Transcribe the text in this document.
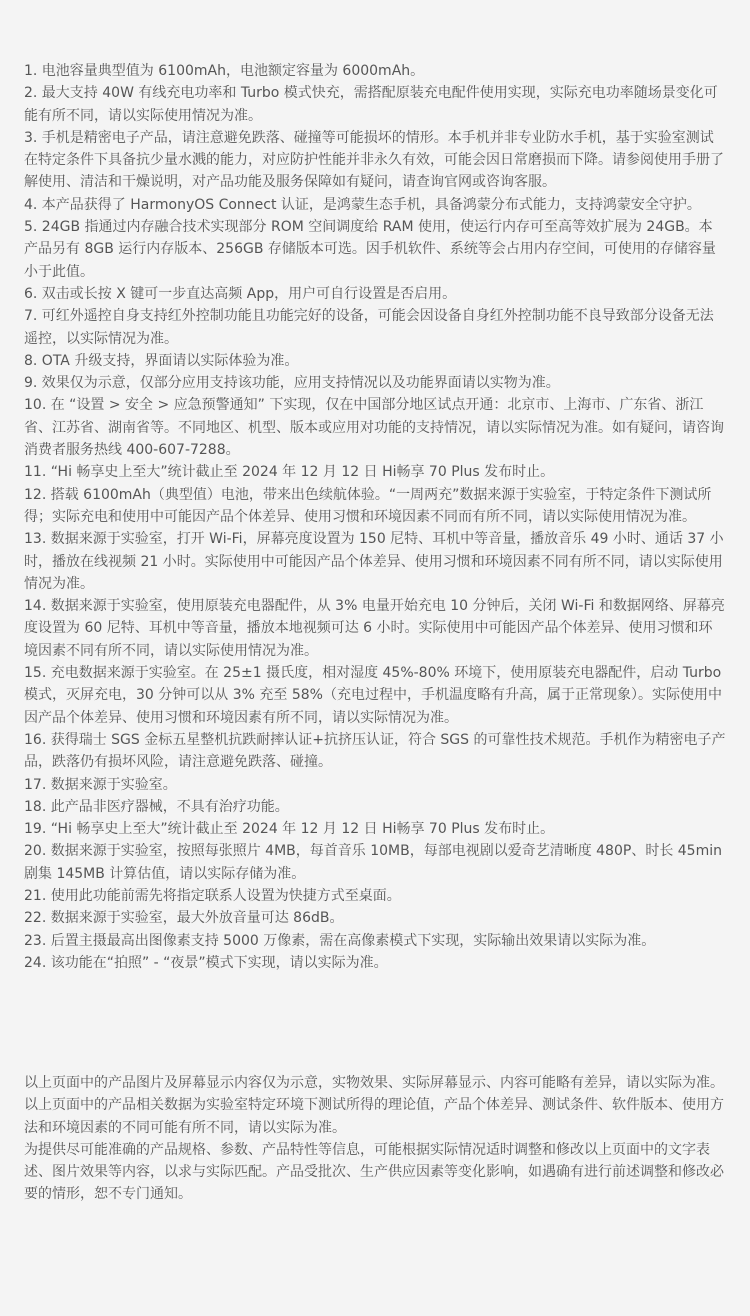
1. 电池容量典型值为 6100mAh，电池额定容量为 6000mAh。
2. 最大支持 40W 有线充电功率和 Turbo 模式快充，需搭配原装充电配件使用实现，实际充电功率随场景变化可能有所不同，请以实际使用情况为准。
3. 手机是精密电子产品，请注意避免跌落、碰撞等可能损坏的情形。本手机并非专业防水手机，基于实验室测试在特定条件下具备抗少量水溅的能力，对应防护性能并非永久有效，可能会因日常磨损而下降。请参阅使用手册了解使用、清洁和干燥说明，对产品功能及服务保障如有疑问，请查询官网或咨询客服。
4. 本产品获得了 HarmonyOS Connect 认证，是鸿蒙生态手机，具备鸿蒙分布式能力，支持鸿蒙安全守护。
5. 24GB 指通过内存融合技术实现部分 ROM 空间调度给 RAM 使用，使运行内存可至高等效扩展为 24GB。本产品另有 8GB 运行内存版本、256GB 存储版本可选。因手机软件、系统等会占用内存空间，可使用的存储容量小于此值。
6. 双击或长按 X 键可一步直达高频 App，用户可自行设置是否启用。
7. 可红外遥控自身支持红外控制功能且功能完好的设备，可能会因设备自身红外控制功能不良导致部分设备无法遥控，以实际情况为准。
8. OTA 升级支持，界面请以实际体验为准。
9. 效果仅为示意，仅部分应用支持该功能，应用支持情况以及功能界面请以实物为准。
10. 在 “设置 > 安全 > 应急预警通知” 下实现，仅在中国部分地区试点开通：北京市、上海市、广东省、浙江省、江苏省、湖南省等。不同地区、机型、版本或应用对功能的支持情况，请以实际情况为准。如有疑问，请咨询消费者服务热线 400-607-7288。
11. “Hi 畅享史上至大”统计截止至 2024 年 12 月 12 日 Hi畅享 70 Plus 发布时止。
12. 搭载 6100mAh（典型值）电池，带来出色续航体验。“一周两充”数据来源于实验室，于特定条件下测试所得；实际充电和使用中可能因产品个体差异、使用习惯和环境因素不同而有所不同，请以实际使用情况为准。
13. 数据来源于实验室，打开 Wi-Fi，屏幕亮度设置为 150 尼特、耳机中等音量，播放音乐 49 小时、通话 37 小时，播放在线视频 21 小时。实际使用中可能因产品个体差异、使用习惯和环境因素不同有所不同，请以实际使用情况为准。
14. 数据来源于实验室，使用原装充电器配件，从 3% 电量开始充电 10 分钟后，关闭 Wi-Fi 和数据网络、屏幕亮度设置为 60 尼特、耳机中等音量，播放本地视频可达 6 小时。实际使用中可能因产品个体差异、使用习惯和环境因素不同有所不同，请以实际使用情况为准。
15. 充电数据来源于实验室。在 25±1 摄氏度，相对湿度 45%-80% 环境下，使用原装充电器配件，启动 Turbo 模式，灭屏充电，30 分钟可以从 3% 充至 58%（充电过程中，手机温度略有升高，属于正常现象）。实际使用中因产品个体差异、使用习惯和环境因素有所不同，请以实际情况为准。
16. 获得瑞士 SGS 金标五星整机抗跌耐摔认证+抗挤压认证，符合 SGS 的可靠性技术规范。手机作为精密电子产品，跌落仍有损坏风险，请注意避免跌落、碰撞。
17. 数据来源于实验室。
18. 此产品非医疗器械，不具有治疗功能。
19. “Hi 畅享史上至大”统计截止至 2024 年 12 月 12 日 Hi畅享 70 Plus 发布时止。
20. 数据来源于实验室，按照每张照片 4MB，每首音乐 10MB，每部电视剧以爱奇艺清晰度 480P、时长 45min 剧集 145MB 计算估值，请以实际存储为准。
21. 使用此功能前需先将指定联系人设置为快捷方式至桌面。
22. 数据来源于实验室，最大外放音量可达 86dB。
23. 后置主摄最高出图像素支持 5000 万像素，需在高像素模式下实现，实际输出效果请以实际为准。
24. 该功能在“拍照” - “夜景”模式下实现，请以实际为准。

以上页面中的产品图片及屏幕显示内容仅为示意，实物效果、实际屏幕显示、内容可能略有差异，请以实际为准。

以上页面中的产品相关数据为实验室特定环境下测试所得的理论值，产品个体差异、测试条件、软件版本、使用方法和环境因素的不同可能有所不同，请以实际为准。

为提供尽可能准确的产品规格、参数、产品特性等信息，可能根据实际情况适时调整和修改以上页面中的文字表述、图片效果等内容，以求与实际匹配。产品受批次、生产供应因素等变化影响，如遇确有进行前述调整和修改必要的情形，恕不专门通知。
